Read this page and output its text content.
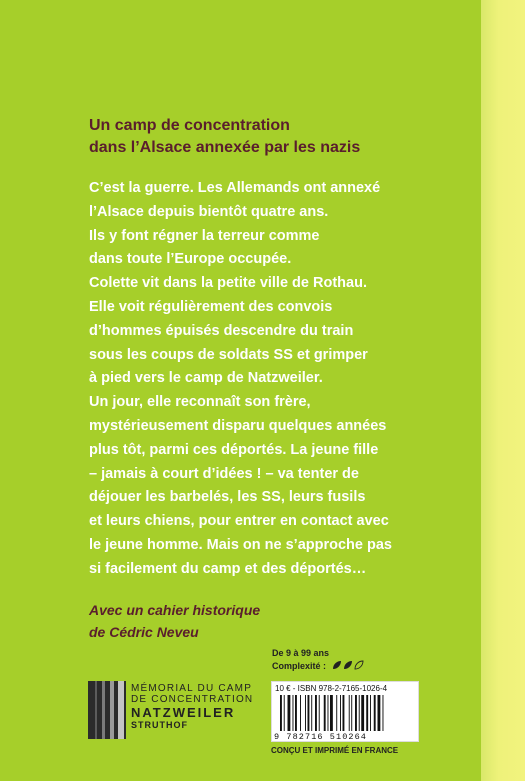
Un camp de concentration
dans l’Alsace annexée par les nazis
C’est la guerre. Les Allemands ont annexé
l’Alsace depuis bientôt quatre ans.
Ils y font régner la terreur comme
dans toute l’Europe occupée.
Colette vit dans la petite ville de Rothau.
Elle voit régulièrement des convois
d’hommes épuisés descendre du train
sous les coups de soldats SS et grimper
à pied vers le camp de Natzweiler.
Un jour, elle reconnaît son frère,
mystérieusement disparu quelques années
plus tôt, parmi ces déportés. La jeune fille
– jamais à court d’idées ! – va tenter de
déjouer les barbelés, les SS, leurs fusils
et leurs chiens, pour entrer en contact avec
le jeune homme. Mais on ne s’approche pas
si facilement du camp et des déportés…
Avec un cahier historique
de Cédric Neveu
De 9 à 99 ans
Complexité :
10 € - ISBN 978-2-7165-1026-4
9 782716 510264
CONÇU ET IMPRIMÉ EN FRANCE
MÉMORIAL DU CAMP
DE CONCENTRATION
NATZWEILER
STRUTHOF
